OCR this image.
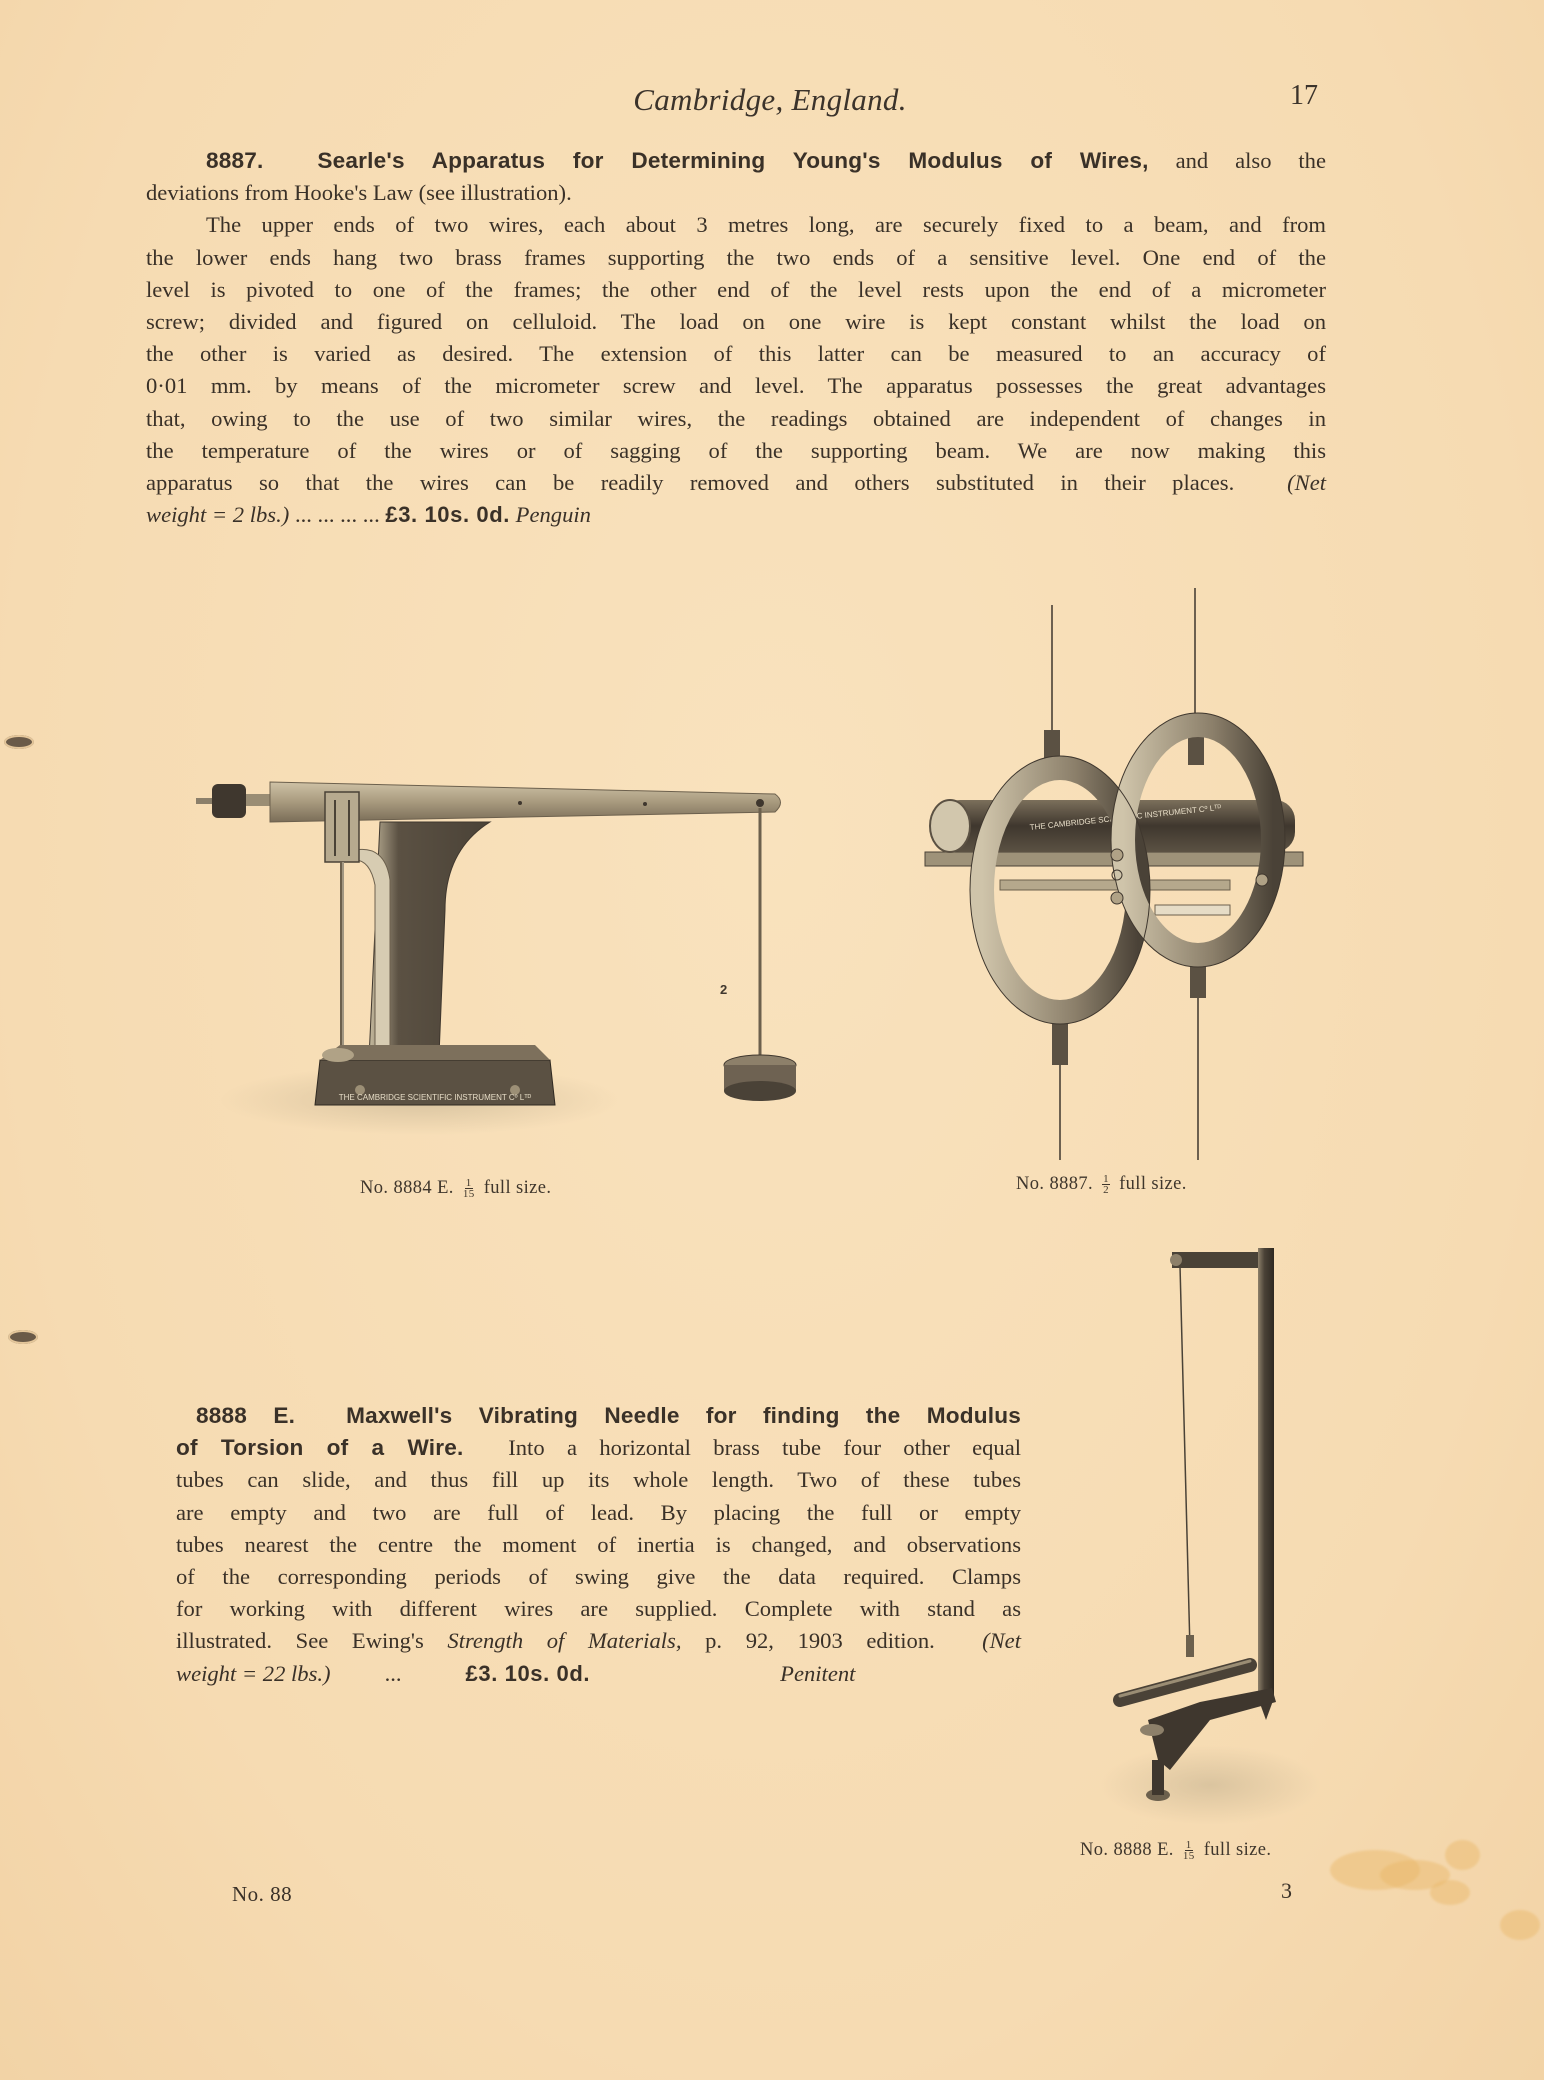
Cambridge, England.	17
8887. Searle's Apparatus for Determining Young's Modulus of Wires, and also the
deviations from Hooke's Law (see illustration).
The upper ends of two wires, each about 3 metres long, are securely fixed to a beam, and from
the lower ends hang two brass frames supporting the two ends of a sensitive level. One end of the
level is pivoted to one of the frames; the other end of the level rests upon the end of a micrometer
screw; divided and figured on celluloid. The load on one wire is kept constant whilst the load on
the other is varied as desired. The extension of this latter can be measured to an accuracy of
0·01 mm. by means of the micrometer screw and level. The apparatus possesses the great advantages
that, owing to the use of two similar wires, the readings obtained are independent of changes in
the temperature of the wires or of sagging of the supporting beam. We are now making this
apparatus so that the wires can be readily removed and others substituted in their places. (Net
weight = 2 lbs.) ... ... ... ... £3. 10s. 0d. Penguin
2
THE CAMBRIDGE SCIENTIFIC INSTRUMENT Cº Lᵀᴰ
THE CAMBRIDGE SCIENTIFIC INSTRUMENT Cº Lᵀᴰ
No. 8884 E. $\frac{1}{15}$ full size.	No. 8887. $\frac{1}{2}$ full size.
8888 E. Maxwell's Vibrating Needle for finding the Modulus
of Torsion of a Wire. Into a horizontal brass tube four other equal
tubes can slide, and thus fill up its whole length. Two of these tubes
are empty and two are full of lead. By placing the full or empty
tubes nearest the centre the moment of inertia is changed, and observations
of the corresponding periods of swing give the data required. Clamps
for working with different wires are supplied. Complete with stand as
illustrated. See Ewing's Strength of Materials, p. 92, 1903 edition. (Net
weight = 22 lbs.) ...	£3. 10s. 0d.	Penitent
No. 8888 E. $\frac{1}{15}$ full size.
No. 88	3
